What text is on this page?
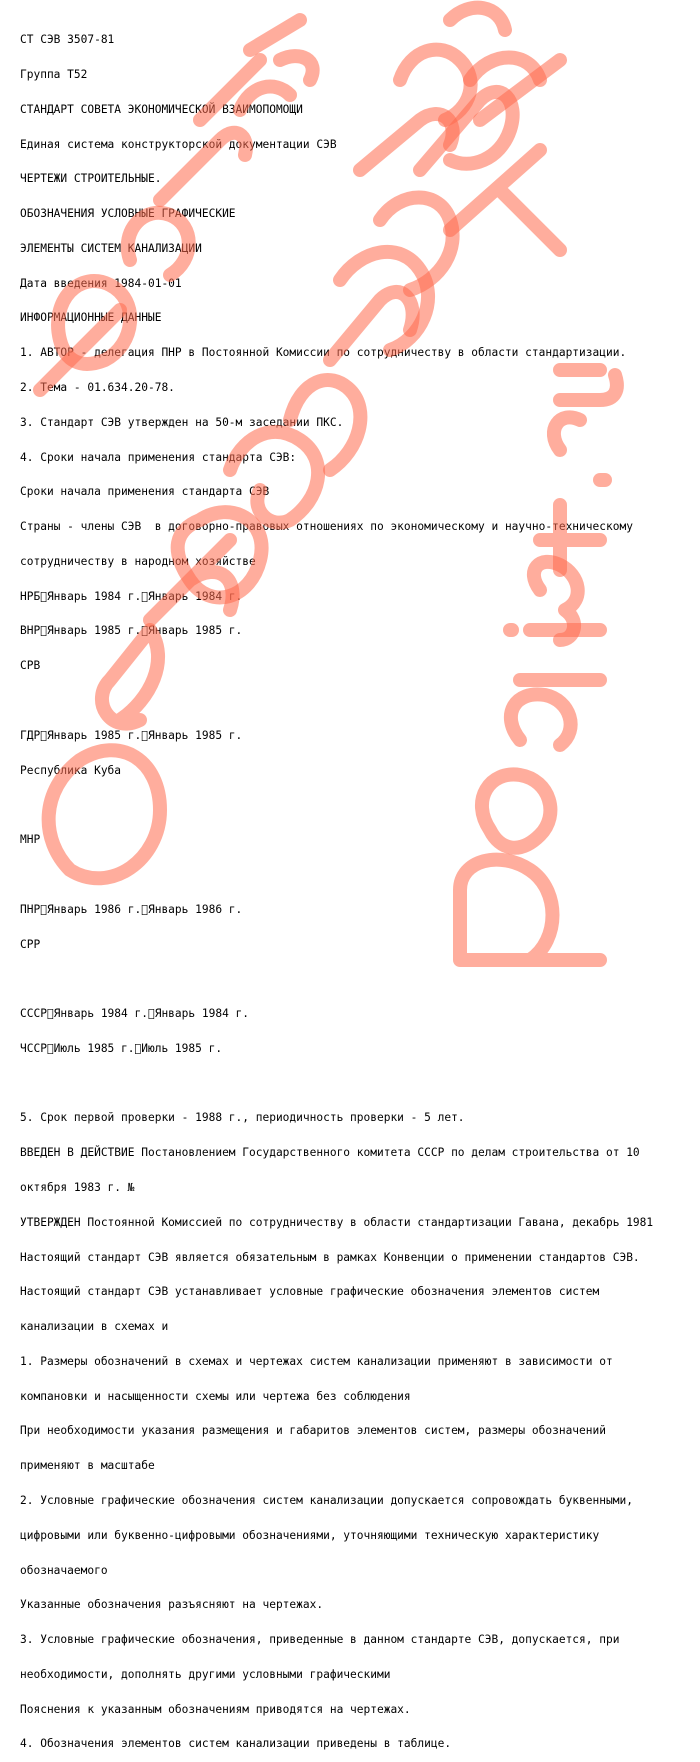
СТ СЭВ 3507-81

Группа Т52

СТАНДАРТ СОВЕТА ЭКОНОМИЧЕСКОЙ ВЗАИМОПОМОЩИ

Единая система конструкторской документации СЭВ

ЧЕРТЕЖИ СТРОИТЕЛЬНЫЕ.

ОБОЗНАЧЕНИЯ УСЛОВНЫЕ ГРАФИЧЕСКИЕ

ЭЛЕМЕНТЫ СИСТЕМ КАНАЛИЗАЦИИ

Дата введения 1984-01-01

ИНФОРМАЦИОННЫЕ ДАННЫЕ

1. АВТОР - делегация ПНР в Постоянной Комиссии по сотрудничеству в области стандартизации.

2. Тема - 01.634.20-78.

3. Стандарт СЭВ утвержден на 50-м заседании ПКС.

4. Сроки начала применения стандарта СЭВ:

Сроки начала применения стандарта СЭВ

Страны - члены СЭВ  в договорно-правовых отношениях по экономическому и научно-техническому

сотрудничеству в народном хозяйстве

НРБ Январь 1984 г. Январь 1984 г.

ВНР Январь 1985 г. Январь 1985 г.

СРВ

ГДР Январь 1985 г. Январь 1985 г.

Республика Куба

МНР

ПНР Январь 1986 г. Январь 1986 г.

СРР

СССР Январь 1984 г. Январь 1984 г.

ЧССР Июль 1985 г. Июль 1985 г.

5. Срок первой проверки - 1988 г., периодичность проверки - 5 лет.

ВВЕДЕН В ДЕЙСТВИЕ Постановлением Государственного комитета СССР по делам строительства от 10

октября 1983 г. №

УТВЕРЖДЕН Постоянной Комиссией по сотрудничеству в области стандартизации Гавана, декабрь 1981

Настоящий стандарт СЭВ является обязательным в рамках Конвенции о применении стандартов СЭВ.

Настоящий стандарт СЭВ устанавливает условные графические обозначения элементов систем

канализации в схемах и

1. Размеры обозначений в схемах и чертежах систем канализации применяют в зависимости от

компановки и насыщенности схемы или чертежа без соблюдения

При необходимости указания размещения и габаритов элементов систем, размеры обозначений

применяют в масштабе

2. Условные графические обозначения систем канализации допускается сопровождать буквенными,

цифровыми или буквенно-цифровыми обозначениями, уточняющими техническую характеристику

обозначаемого

Указанные обозначения разъясняют на чертежах.

3. Условные графические обозначения, приведенные в данном стандарте СЭВ, допускается, при

необходимости, дополнять другими условными графическими

Пояснения к указанным обозначениям приводятся на чертежах.

4. Обозначения элементов систем канализации приведены в таблице.
